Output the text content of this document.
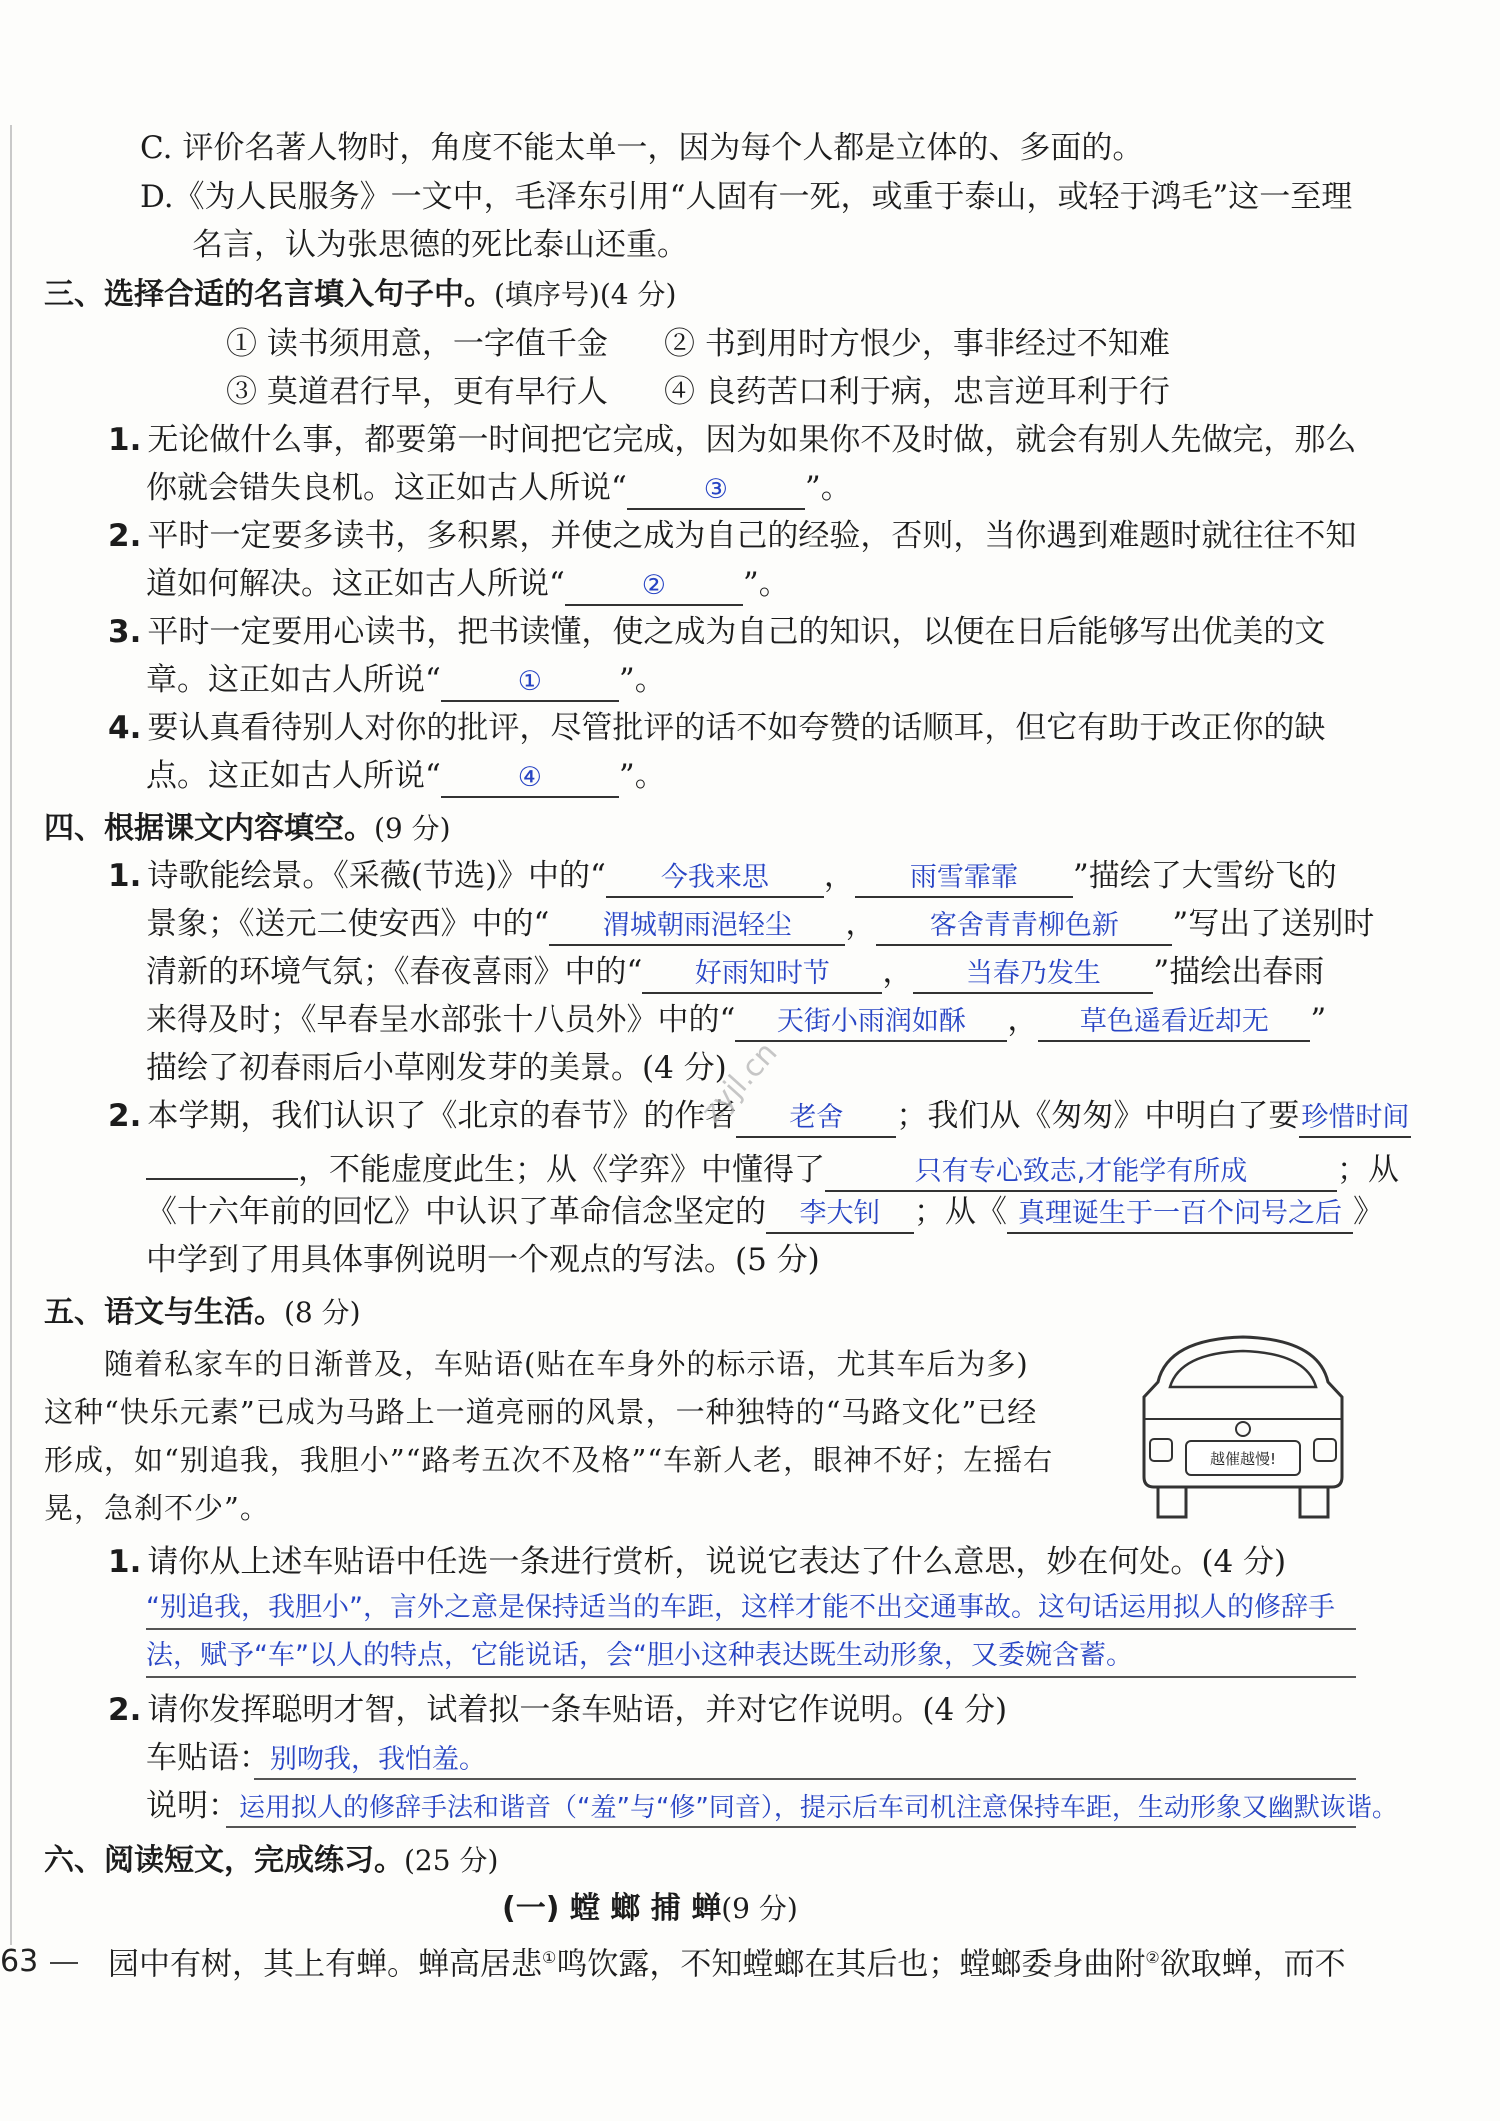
C. 评价名著人物时，角度不能太单一，因为每个人都是立体的、多面的。
D.《为人民服务》一文中，毛泽东引用“人固有一死，或重于泰山，或轻于鸿毛”这一至理
名言，认为张思德的死比泰山还重。
三、选择合适的名言填入句子中。(填序号)(4 分)
① 读书须用意，一字值千金 ② 书到用时方恨少，事非经过不知难
③ 莫道君行早，更有早行人 ④ 良药苦口利于病，忠言逆耳利于行
1. 无论做什么事，都要第一时间把它完成，因为如果你不及时做，就会有别人先做完，那么
你就会错失良机。这正如古人所说“	③ ”。
2. 平时一定要多读书，多积累，并使之成为自己的经验，否则，当你遇到难题时就往往不知
道如何解决。这正如古人所说“	② ”。
3. 平时一定要用心读书，把书读懂，使之成为自己的知识，以便在日后能够写出优美的文
章。这正如古人所说“	① ”。
4. 要认真看待别人对你的批评，尽管批评的话不如夸赞的话顺耳，但它有助于改正你的缺
点。这正如古人所说“	④ ”。
四、根据课文内容填空。(9 分)
1. 诗歌能绘景。《采薇(节选)》中的“ 今我来思 ， 雨雪霏霏 ”描绘了大雪纷飞的
景象；《送元二使安西》中的“ 渭城朝雨浥轻尘 ， 客舍青青柳色新 ”写出了送别时
清新的环境气氛；《春夜喜雨》中的“ 好雨知时节 ， 当春乃发生 ”描绘出春雨
来得及时；《早春呈水部张十八员外》中的“ 天街小雨润如酥 ， 草色遥看近却无 ”
描绘了初春雨后小草刚发芽的美景。(4 分)
2. 本学期，我们认识了《北京的春节》的作者 老舍 ；我们从《匆匆》中明白了要珍惜时间
，不能虚度此生；从《学弈》中懂得了	只有专心致志,才能学有所成	；从
《十六年前的回忆》中认识了革命信念坚定的 李大钊 ；从《 真理诞生于一百个问号之后 》
中学到了用具体事例说明一个观点的写法。(5 分)
zyjl.cn
五、语文与生活。(8 分)
随着私家车的日渐普及，车贴语(贴在车身外的标示语，尤其车后为多)
这种“快乐元素”已成为马路上一道亮丽的风景，一种独特的“马路文化”已经
形成，如“别追我，我胆小”“路考五次不及格”“车新人老，眼神不好；左摇右
晃，急刹不少”。
越催越慢!
1. 请你从上述车贴语中任选一条进行赏析，说说它表达了什么意思，妙在何处。(4 分)
“别追我，我胆小”，言外之意是保持适当的车距，这样才能不出交通事故。这句话运用拟人的修辞手
法，赋予“车”以人的特点，它能说话，会“胆小这种表达既生动形象，又委婉含蓄。
2. 请你发挥聪明才智，试着拟一条车贴语，并对它作说明。(4 分)
车贴语：别吻我，我怕羞。
说明：运用拟人的修辞手法和谐音（“羞”与“修”同音），提示后车司机注意保持车距，生动形象又幽默诙谐。
六、阅读短文，完成练习。(25 分)
(一) 螳 螂 捕 蝉(9 分)
园中有树，其上有蝉。蝉高居悲①鸣饮露，不知螳螂在其后也；螳螂委身曲附②欲取蝉，而不
63
